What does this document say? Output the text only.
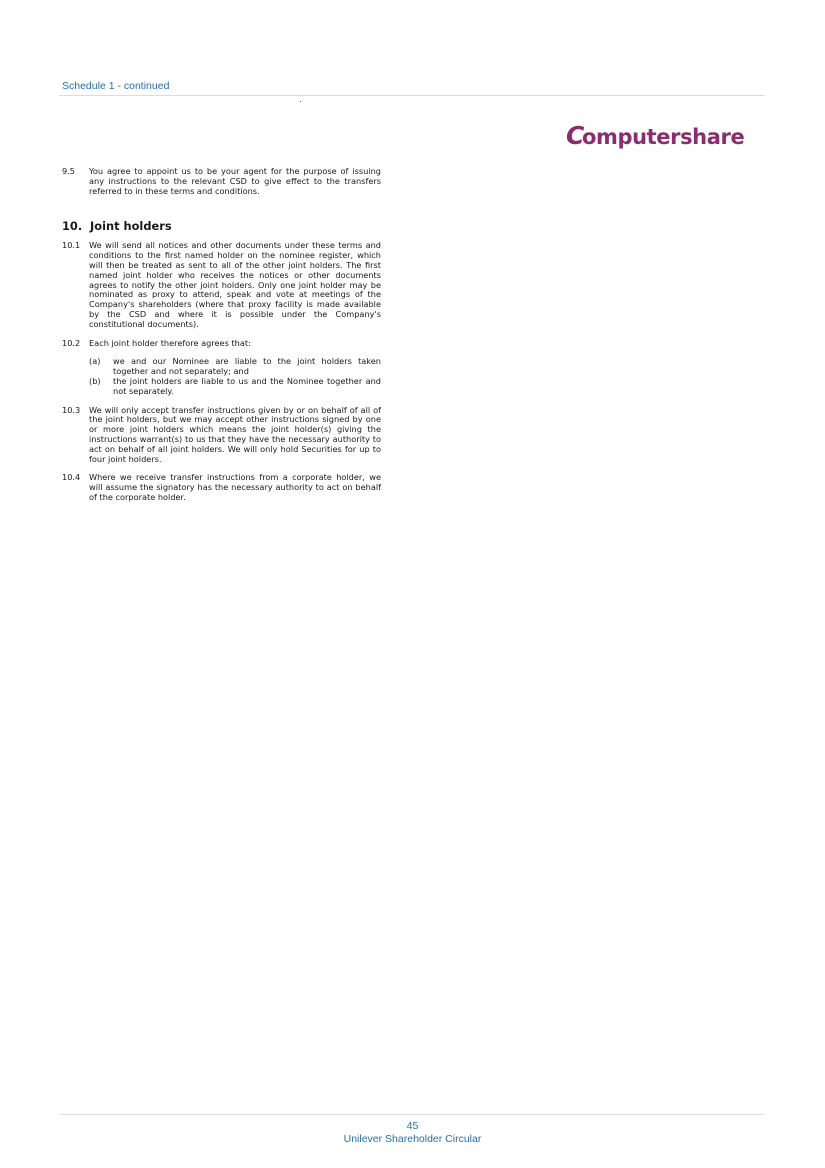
Schedule 1 - continued
Computershare
9.5	You agree to appoint us to be your agent for the purpose of issuing any instructions to the relevant CSD to give effect to the transfers referred to in these terms and conditions.
10. Joint holders
10.1	We will send all notices and other documents under these terms and conditions to the first named holder on the nominee register, which will then be treated as sent to all of the other joint holders. The first named joint holder who receives the notices or other documents agrees to notify the other joint holders. Only one joint holder may be nominated as proxy to attend, speak and vote at meetings of the Company's shareholders (where that proxy facility is made available by the CSD and where it is possible under the Company's constitutional documents).
10.2	Each joint holder therefore agrees that:
(a)	we and our Nominee are liable to the joint holders taken together and not separately; and
(b)	the joint holders are liable to us and the Nominee together and not separately.
10.3	We will only accept transfer instructions given by or on behalf of all of the joint holders, but we may accept other instructions signed by one or more joint holders which means the joint holder(s) giving the instructions warrant(s) to us that they have the necessary authority to act on behalf of all joint holders. We will only hold Securities for up to four joint holders.
10.4	Where we receive transfer instructions from a corporate holder, we will assume the signatory has the necessary authority to act on behalf of the corporate holder.
45
Unilever Shareholder Circular
